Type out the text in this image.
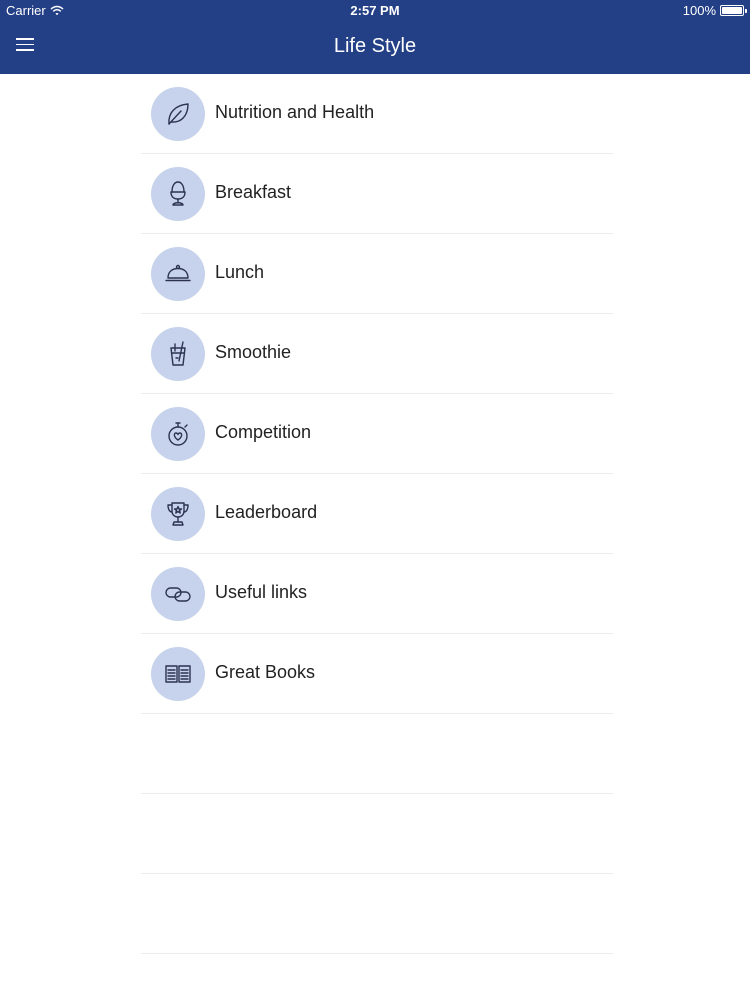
Carrier	2:57 PM	100%
Life Style
Nutrition and Health
Breakfast
Lunch
Smoothie
Competition
Leaderboard
Useful links
Great Books
